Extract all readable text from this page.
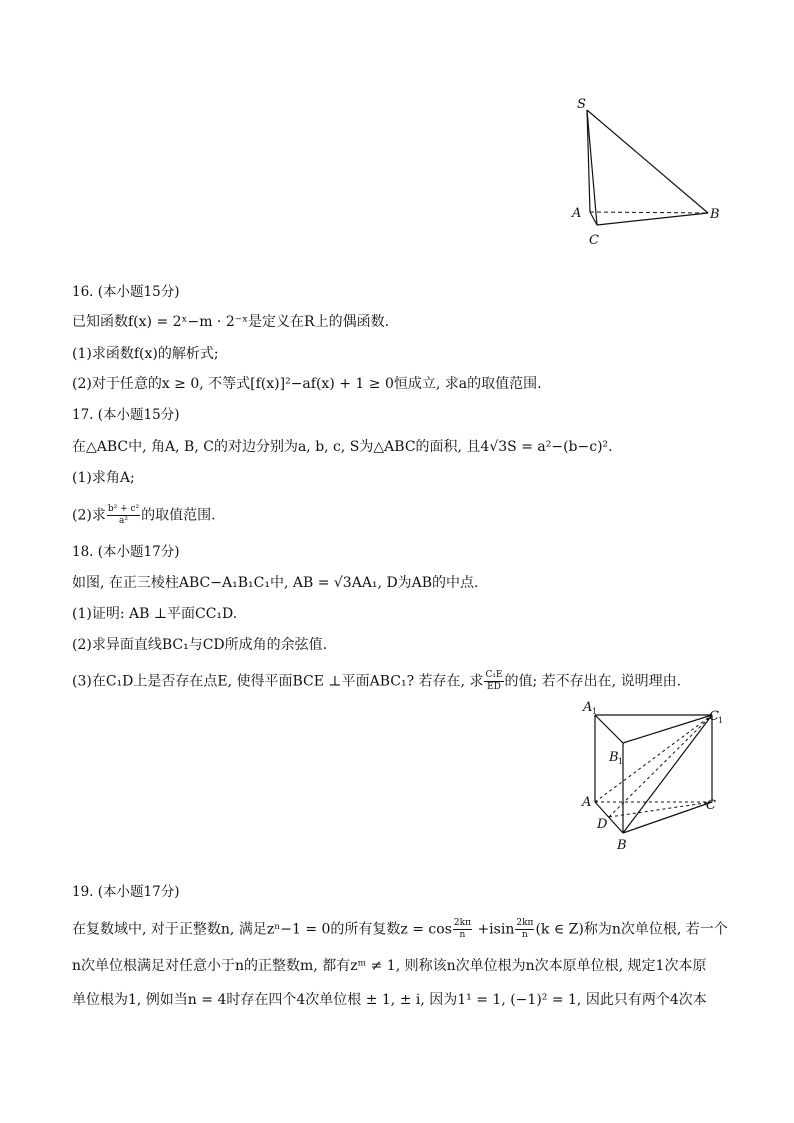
S
A	B
C
16. (本小题15分)
已知函数f(x) = 2ˣ−m · 2⁻ˣ是定义在R上的偶函数.
(1)求函数f(x)的解析式;
(2)对于任意的x ≥ 0, 不等式[f(x)]²−af(x) + 1 ≥ 0恒成立, 求a的取值范围.
17. (本小题15分)
在△ABC中, 角A, B, C的对边分别为a, b, c, S为△ABC的面积, 且4√3S = a²−(b−c)².
(1)求角A;
(2)求 $\frac{\text{b² + c²}}{\text{a²}}$ 的取值范围.
18. (本小题17分)
如图, 在正三棱柱ABC−A₁B₁C₁中, AB = √3AA₁, D为AB的中点.
(1)证明: AB ⊥平面CC₁D.
(2)求异面直线BC₁与CD所成角的余弦值.
(3)在C₁D上是否存在点E, 使得平面BCE ⊥平面ABC₁? 若存在, 求 $\frac{\text{C₁E}}{ED}$ 的值; 若不存出在, 说明理由.
A 1
B 1
C 1
A	C
D
B
19. (本小题17分)
在复数域中, 对于正整数n, 满足zⁿ−1 = 0的所有复数$z = \cos \frac{2k\pi}{n} +isin \frac{2k\pi}{n} (k$ ∈ Z)称为n次单位根, 若一个
n次单位根满足对任意小于n的正整数m, 都有zᵐ ≠ 1, 则称该n次单位根为n次本原单位根, 规定1次本原
单位根为1, 例如当n = 4时存在四个4次单位根 ± 1, ± i, 因为1¹ = 1, (−1)² = 1, 因此只有两个4次本
